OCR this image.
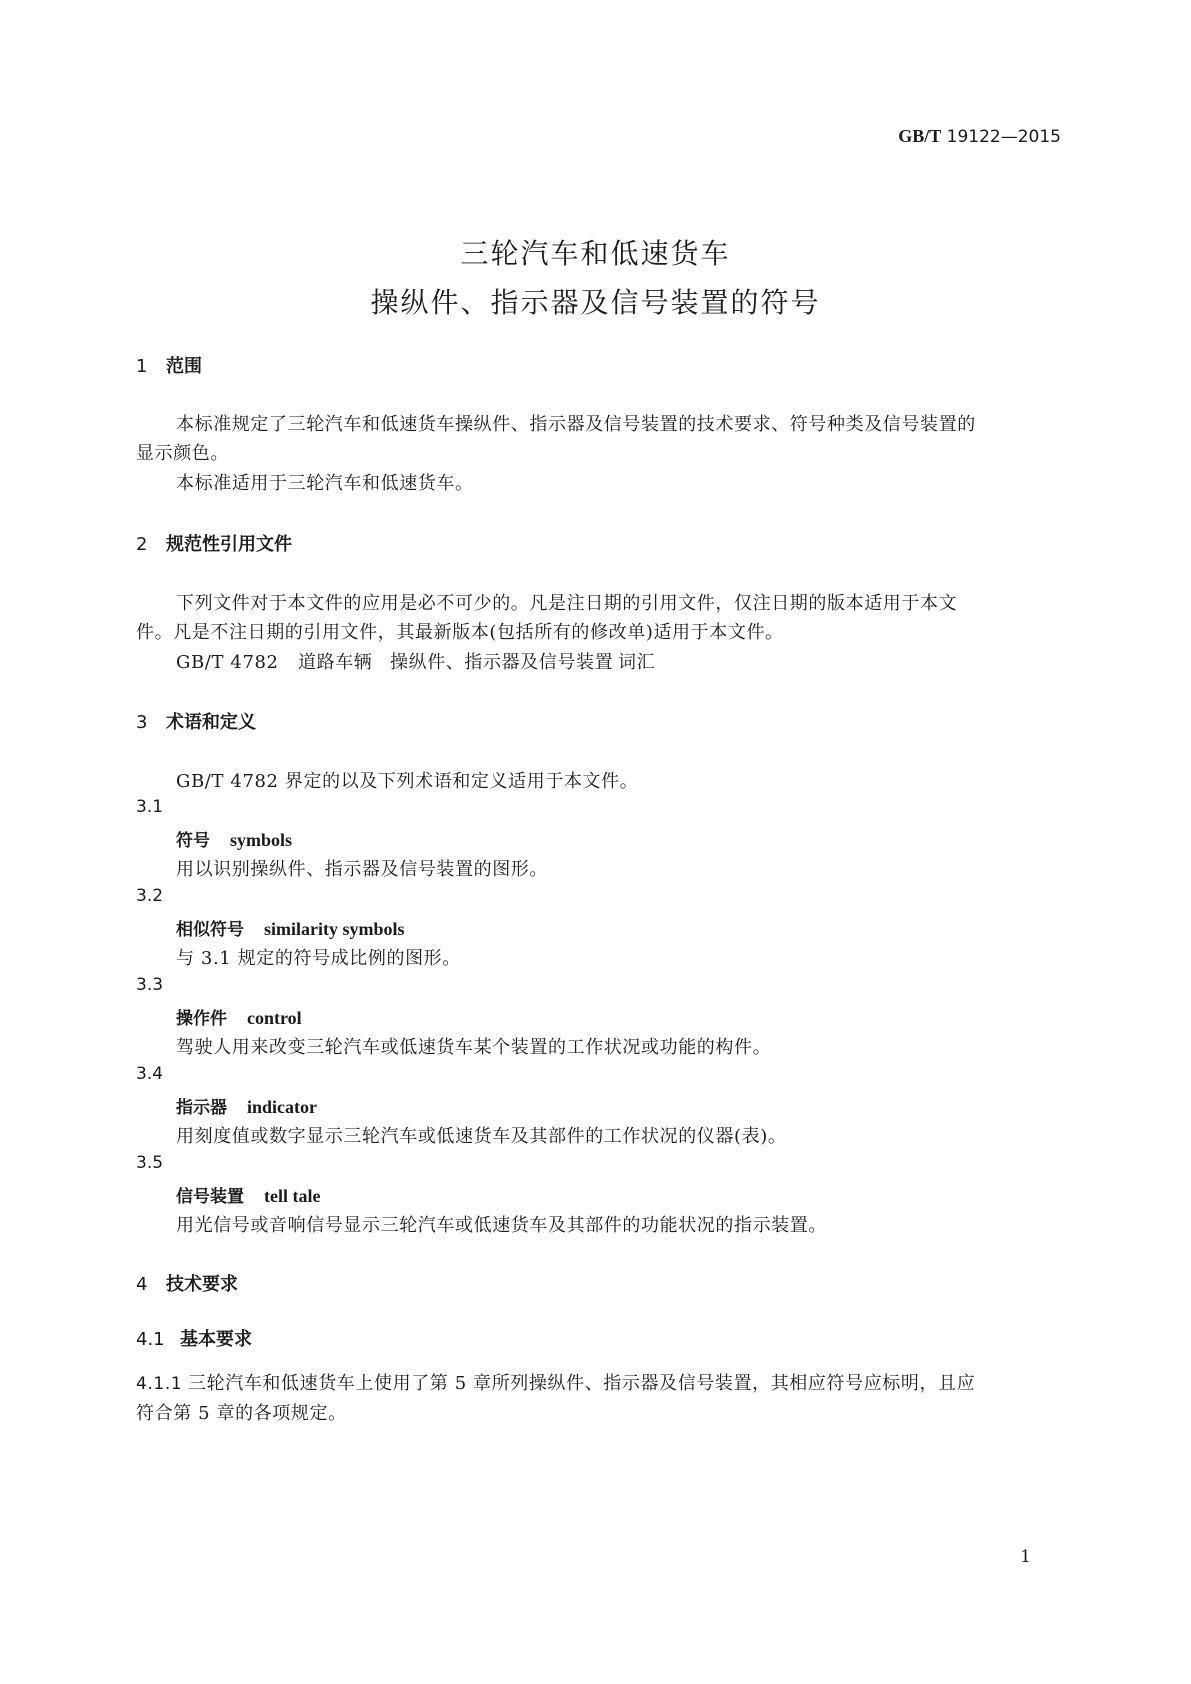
GB/T 19122—2015
三轮汽车和低速货车
操纵件、指示器及信号装置的符号
1 范围
本标准规定了三轮汽车和低速货车操纵件、指示器及信号装置的技术要求、符号种类及信号装置的
显示颜色。
本标准适用于三轮汽车和低速货车。
2 规范性引用文件
下列文件对于本文件的应用是必不可少的。凡是注日期的引用文件，仅注日期的版本适用于本文
件。凡是不注日期的引用文件，其最新版本(包括所有的修改单)适用于本文件。
GB/T 4782 道路车辆 操纵件、指示器及信号装置 词汇
3 术语和定义
GB/T 4782 界定的以及下列术语和定义适用于本文件。
3.1
符号 symbols
用以识别操纵件、指示器及信号装置的图形。
3.2
相似符号 similarity symbols
与 3.1 规定的符号成比例的图形。
3.3
操作件 control
驾驶人用来改变三轮汽车或低速货车某个装置的工作状况或功能的构件。
3.4
指示器 indicator
用刻度值或数字显示三轮汽车或低速货车及其部件的工作状况的仪器(表)。
3.5
信号装置 tell tale
用光信号或音响信号显示三轮汽车或低速货车及其部件的功能状况的指示装置。
4 技术要求
4.1 基本要求
4.1.1 三轮汽车和低速货车上使用了第 5 章所列操纵件、指示器及信号装置，其相应符号应标明，且应
符合第 5 章的各项规定。
1
